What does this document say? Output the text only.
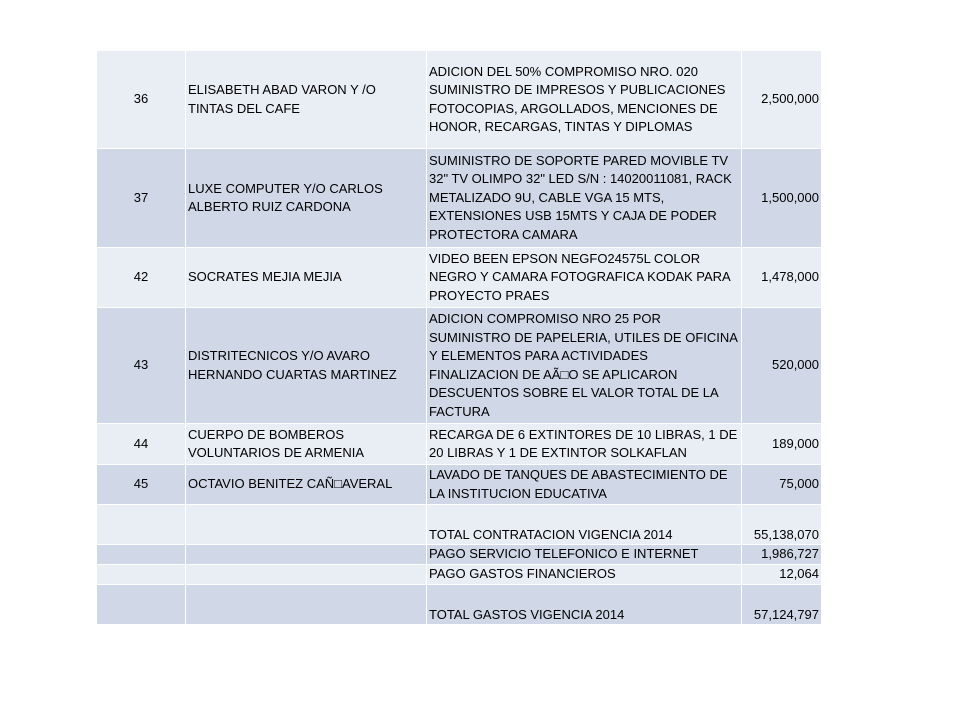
36	ELISABETH ABAD VARON Y /O TINTAS DEL CAFE	ADICION DEL 50% COMPROMISO NRO. 020 SUMINISTRO DE IMPRESOS Y PUBLICACIONES FOTOCOPIAS, ARGOLLADOS, MENCIONES DE HONOR, RECARGAS, TINTAS Y DIPLOMAS	2,500,000
37	LUXE COMPUTER Y/O CARLOS ALBERTO RUIZ CARDONA	SUMINISTRO DE SOPORTE PARED MOVIBLE TV 32" TV OLIMPO 32" LED S/N : 14020011081, RACK METALIZADO 9U, CABLE VGA 15 MTS, EXTENSIONES USB 15MTS Y CAJA DE PODER PROTECTORA CAMARA	1,500,000
42	SOCRATES MEJIA MEJIA	VIDEO BEEN EPSON NEGFO24575L COLOR NEGRO Y CAMARA FOTOGRAFICA KODAK PARA PROYECTO PRAES	1,478,000
43	DISTRITECNICOS Y/O AVARO HERNANDO CUARTAS MARTINEZ	ADICION COMPROMISO NRO 25 POR SUMINISTRO DE PAPELERIA, UTILES DE OFICINA Y ELEMENTOS PARA ACTIVIDADES FINALIZACION DE AÃ□O SE APLICARON DESCUENTOS SOBRE EL VALOR TOTAL DE LA FACTURA	520,000
44	CUERPO DE BOMBEROS VOLUNTARIOS DE ARMENIA	RECARGA DE 6 EXTINTORES DE 10 LIBRAS, 1 DE 20 LIBRAS Y 1 DE EXTINTOR SOLKAFLAN	189,000
45	OCTAVIO BENITEZ CAÑ□AVERAL	LAVADO DE TANQUES DE ABASTECIMIENTO DE LA INSTITUCION EDUCATIVA	75,000
		TOTAL CONTRATACION VIGENCIA 2014	55,138,070
		PAGO SERVICIO TELEFONICO E INTERNET	1,986,727
		PAGO GASTOS FINANCIEROS	12,064
		TOTAL GASTOS VIGENCIA 2014	57,124,797
